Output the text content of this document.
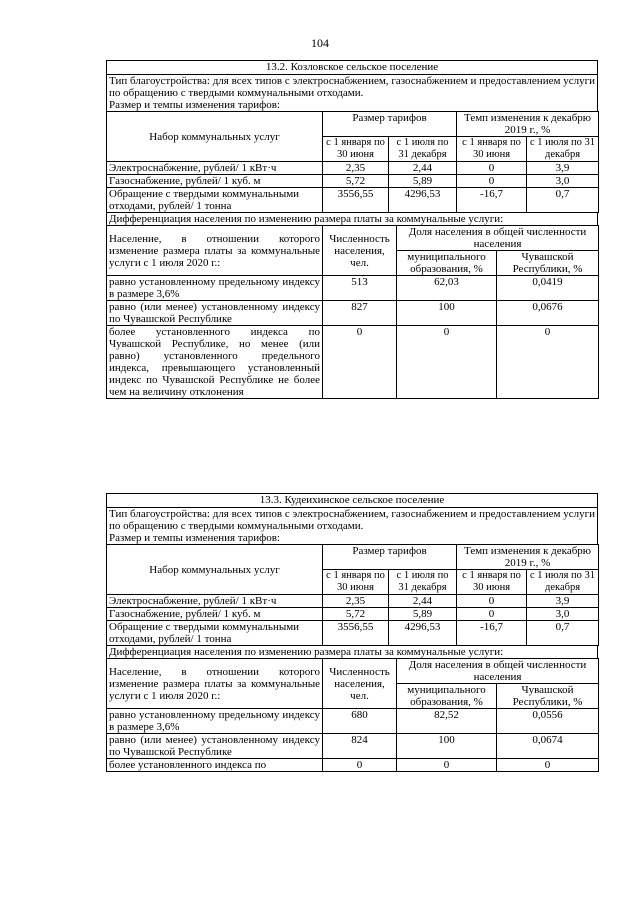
104
13.2. Козловское сельское поселение
Тип благоустройства: для всех типов с электроснабжением, газоснабжением и предоставлением услуги по обращению с твердыми коммунальными отходами.
Размер и темпы изменения тарифов:
Набор коммунальных услуг	Размер тарифов		Темп изменения к декабрю 2019 г., %	
	с 1 января по 30 июня	с 1 июля по 31 декабря	с 1 января по 30 июня	с 1 июля по 31 декабря
Электроснабжение, рублей/ 1 кВт·ч	2,35	2,44	0	3,9
Газоснабжение, рублей/ 1 куб. м	5,72	5,89	0	3,0
Обращение с твердыми коммунальными отходами, рублей/ 1 тонна	3556,55	4296,53	-16,7	0,7
Дифференциация населения по изменению размера платы за коммунальные услуги:
Население, в отношении которого изменение размера платы за коммунальные услуги с 1 июля 2020 г.:	Численность населения, чел.	Доля населения в общей численности населения	
		муниципального образования, %	Чувашской Республики, %
равно установленному предельному индексу в размере 3,6%	513	62,03	0,0419
равно (или менее) установленному индексу по Чувашской Республике	827	100	0,0676
более установленного индекса по Чувашской Республике, но менее (или равно) установленного предельного индекса, превышающего установленный индекс по Чувашской Республике не более чем на величину отклонения	0	0	0
13.3. Кудеихинское сельское поселение
Тип благоустройства: для всех типов с электроснабжением, газоснабжением и предоставлением услуги по обращению с твердыми коммунальными отходами.
Размер и темпы изменения тарифов:
Набор коммунальных услуг	Размер тарифов		Темп изменения к декабрю 2019 г., %	
	с 1 января по 30 июня	с 1 июля по 31 декабря	с 1 января по 30 июня	с 1 июля по 31 декабря
Электроснабжение, рублей/ 1 кВт·ч	2,35	2,44	0	3,9
Газоснабжение, рублей/ 1 куб. м	5,72	5,89	0	3,0
Обращение с твердыми коммунальными отходами, рублей/ 1 тонна	3556,55	4296,53	-16,7	0,7
Дифференциация населения по изменению размера платы за коммунальные услуги:
Население, в отношении которого изменение размера платы за коммунальные услуги с 1 июля 2020 г.:	Численность населения, чел.	Доля населения в общей численности населения	
		муниципального образования, %	Чувашской Республики, %
равно установленному предельному индексу в размере 3,6%	680	82,52	0,0556
равно (или менее) установленному индексу по Чувашской Республике	824	100	0,0674
более установленного индекса по	0	0	0
